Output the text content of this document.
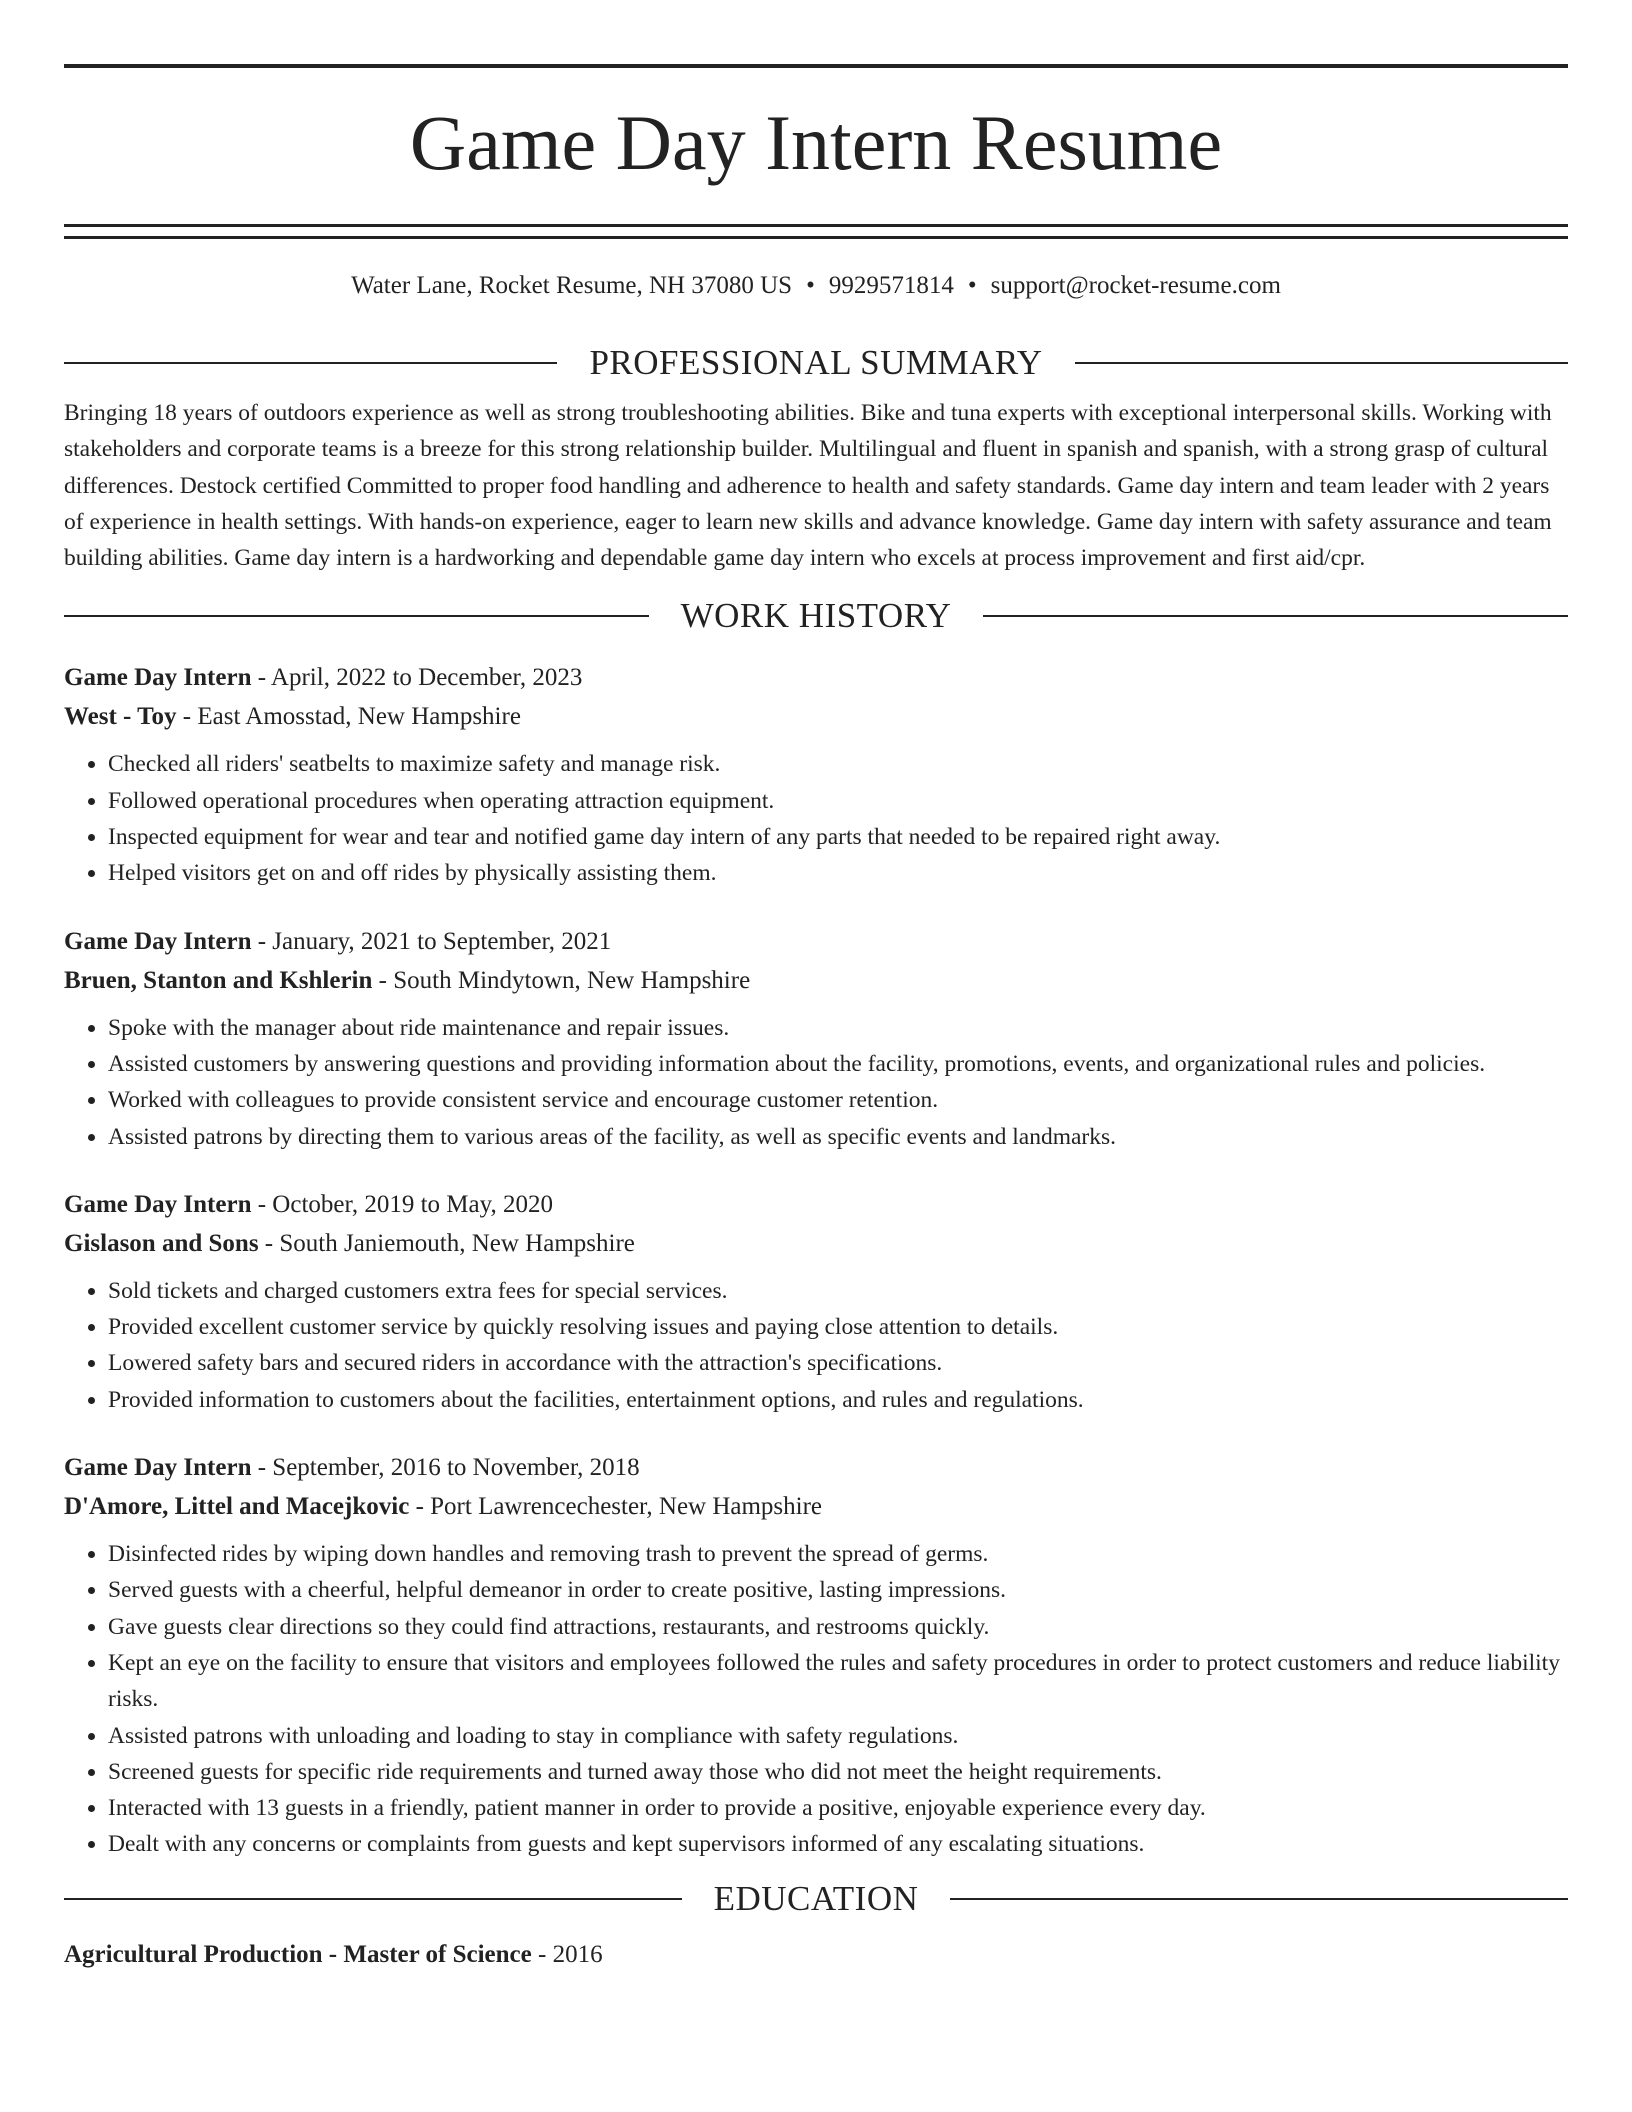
Game Day Intern Resume
Water Lane, Rocket Resume, NH 37080 US • 9929571814 • support@rocket-resume.com
PROFESSIONAL SUMMARY
Bringing 18 years of outdoors experience as well as strong troubleshooting abilities. Bike and tuna experts with exceptional interpersonal skills. Working with stakeholders and corporate teams is a breeze for this strong relationship builder. Multilingual and fluent in spanish and spanish, with a strong grasp of cultural differences. Destock certified Committed to proper food handling and adherence to health and safety standards. Game day intern and team leader with 2 years of experience in health settings. With hands-on experience, eager to learn new skills and advance knowledge. Game day intern with safety assurance and team building abilities. Game day intern is a hardworking and dependable game day intern who excels at process improvement and first aid/cpr.
WORK HISTORY
Game Day Intern - April, 2022 to December, 2023
West - Toy - East Amosstad, New Hampshire
• Checked all riders' seatbelts to maximize safety and manage risk.
• Followed operational procedures when operating attraction equipment.
• Inspected equipment for wear and tear and notified game day intern of any parts that needed to be repaired right away.
• Helped visitors get on and off rides by physically assisting them.
Game Day Intern - January, 2021 to September, 2021
Bruen, Stanton and Kshlerin - South Mindytown, New Hampshire
• Spoke with the manager about ride maintenance and repair issues.
• Assisted customers by answering questions and providing information about the facility, promotions, events, and organizational rules and policies.
• Worked with colleagues to provide consistent service and encourage customer retention.
• Assisted patrons by directing them to various areas of the facility, as well as specific events and landmarks.
Game Day Intern - October, 2019 to May, 2020
Gislason and Sons - South Janiemouth, New Hampshire
• Sold tickets and charged customers extra fees for special services.
• Provided excellent customer service by quickly resolving issues and paying close attention to details.
• Lowered safety bars and secured riders in accordance with the attraction's specifications.
• Provided information to customers about the facilities, entertainment options, and rules and regulations.
Game Day Intern - September, 2016 to November, 2018
D'Amore, Littel and Macejkovic - Port Lawrencechester, New Hampshire
• Disinfected rides by wiping down handles and removing trash to prevent the spread of germs.
• Served guests with a cheerful, helpful demeanor in order to create positive, lasting impressions.
• Gave guests clear directions so they could find attractions, restaurants, and restrooms quickly.
• Kept an eye on the facility to ensure that visitors and employees followed the rules and safety procedures in order to protect customers and reduce liability risks.
• Assisted patrons with unloading and loading to stay in compliance with safety regulations.
• Screened guests for specific ride requirements and turned away those who did not meet the height requirements.
• Interacted with 13 guests in a friendly, patient manner in order to provide a positive, enjoyable experience every day.
• Dealt with any concerns or complaints from guests and kept supervisors informed of any escalating situations.
EDUCATION
Agricultural Production - Master of Science - 2016
